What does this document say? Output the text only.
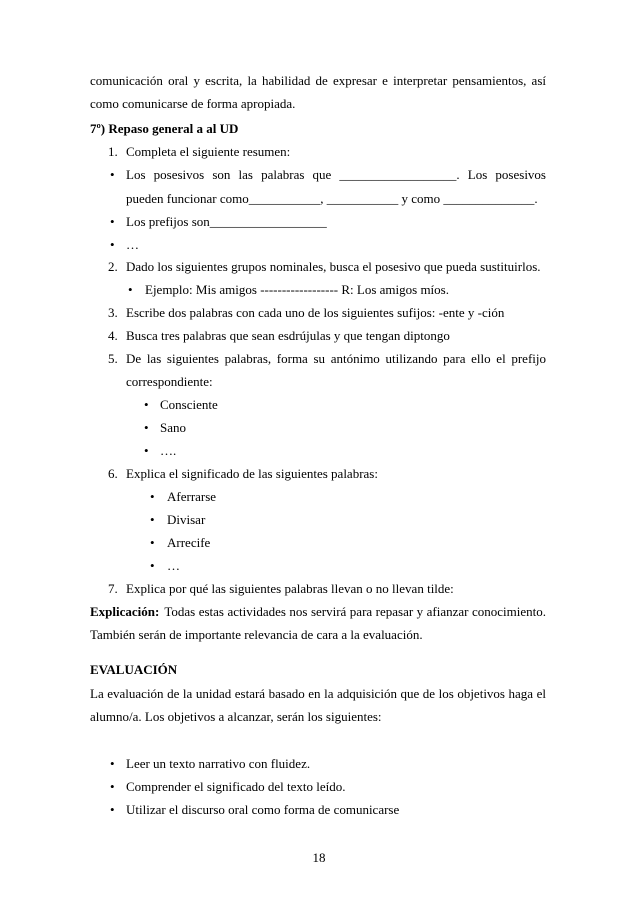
comunicación oral y escrita, la habilidad de expresar e interpretar pensamientos, así
como comunicarse de forma apropiada.
7º) Repaso general a al UD
1. Completa el siguiente resumen:
• Los posesivos son las palabras que __________________. Los posesivos
pueden funcionar como___________, ___________ y como ______________.
• Los prefijos son__________________
• …
2. Dado los siguientes grupos nominales, busca el posesivo que pueda sustituirlos.
• Ejemplo: Mis amigos ------------------ R: Los amigos míos.
3. Escribe dos palabras con cada uno de los siguientes sufijos: -ente y -ción
4. Busca tres palabras que sean esdrújulas y que tengan diptongo
5. De las siguientes palabras, forma su antónimo utilizando para ello el prefijo
correspondiente:
• Consciente
• Sano
• ….
6. Explica el significado de las siguientes palabras:
• Aferrarse
• Divisar
• Arrecife
• …
7. Explica por qué las siguientes palabras llevan o no llevan tilde:
Explicación: Todas estas actividades nos servirá para repasar y afianzar conocimiento.
También serán de importante relevancia de cara a la evaluación.
EVALUACIÓN
La evaluación de la unidad estará basado en la adquisición que de los objetivos haga el
alumno/a. Los objetivos a alcanzar, serán los siguientes:
• Leer un texto narrativo con fluidez.
• Comprender el significado del texto leído.
• Utilizar el discurso oral como forma de comunicarse
18
